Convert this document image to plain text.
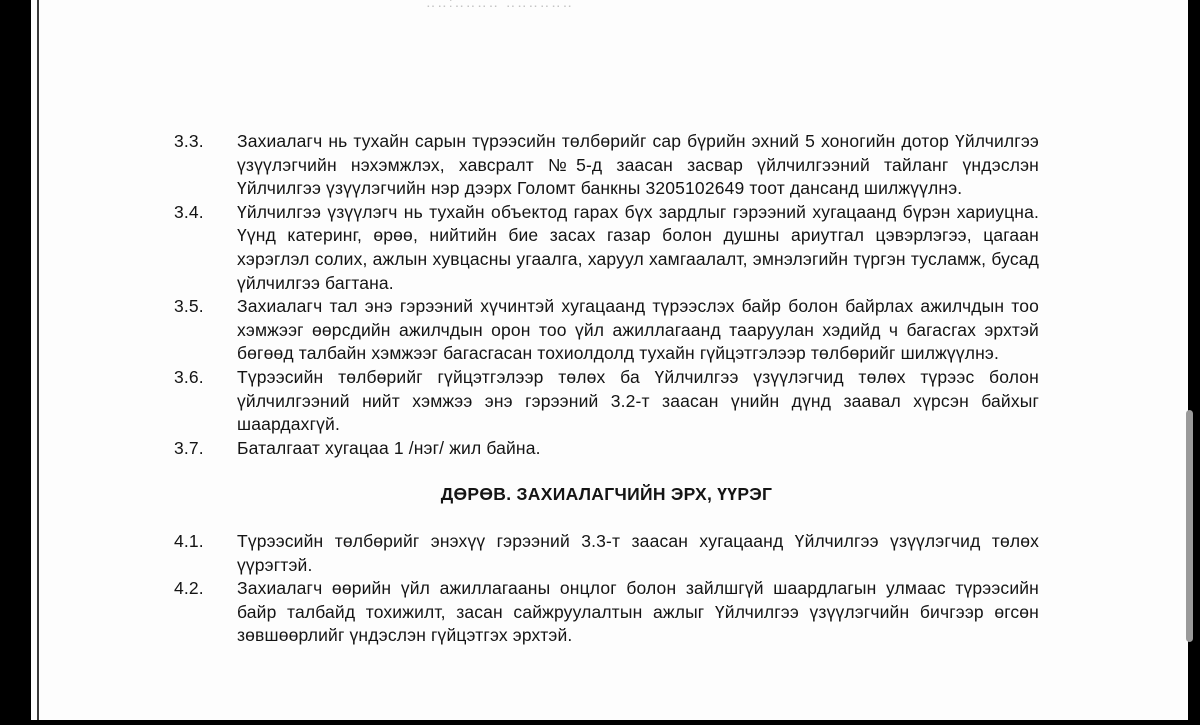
‥‥:‥‥‥‥ ‥‥‥‥‥‥
3.3. Захиалагч нь тухайн сарын түрээсийн төлбөрийг сар бүрийн эхний 5 хоногийн дотор Үйлчилгээ үзүүлэгчийн нэхэмжлэх, хавсралт №5-д заасан засвар үйлчилгээний тайланг үндэслэн Үйлчилгээ үзүүлэгчийн нэр дээрх Голомт банкны 3205102649 тоот дансанд шилжүүлнэ.
3.4. Үйлчилгээ үзүүлэгч нь тухайн объектод гарах бүх зардлыг гэрээний хугацаанд бүрэн хариуцна. Үүнд катеринг, өрөө, нийтийн бие засах газар болон душны ариутгал цэвэрлэгээ, цагаан хэрэглэл солих, ажлын хувцасны угаалга, харуул хамгаалалт, эмнэлэгийн түргэн тусламж, бусад үйлчилгээ багтана.
3.5. Захиалагч тал энэ гэрээний хүчинтэй хугацаанд түрээслэх байр болон байрлах ажилчдын тоо хэмжээг өөрсдийн ажилчдын орон тоо үйл ажиллагаанд тааруулан хэдийд ч багасгах эрхтэй бөгөөд талбайн хэмжээг багасгасан тохиолдолд тухайн гүйцэтгэлээр төлбөрийг шилжүүлнэ.
3.6. Түрээсийн төлбөрийг гүйцэтгэлээр төлөх ба Үйлчилгээ үзүүлэгчид төлөх түрээс болон үйлчилгээний нийт хэмжээ энэ гэрээний 3.2-т заасан үнийн дүнд заавал хүрсэн байхыг шаардахгүй.
3.7. Баталгаат хугацаа 1 /нэг/ жил байна.
ДӨРӨВ. ЗАХИАЛАГЧИЙН ЭРХ, ҮҮРЭГ
4.1. Түрээсийн төлбөрийг энэхүү гэрээний 3.3-т заасан хугацаанд Үйлчилгээ үзүүлэгчид төлөх үүрэгтэй.
4.2. Захиалагч өөрийн үйл ажиллагааны онцлог болон зайлшгүй шаардлагын улмаас түрээсийн байр талбайд тохижилт, засан сайжруулалтын ажлыг Үйлчилгээ үзүүлэгчийн бичгээр өгсөн зөвшөөрлийг үндэслэн гүйцэтгэх эрхтэй.
